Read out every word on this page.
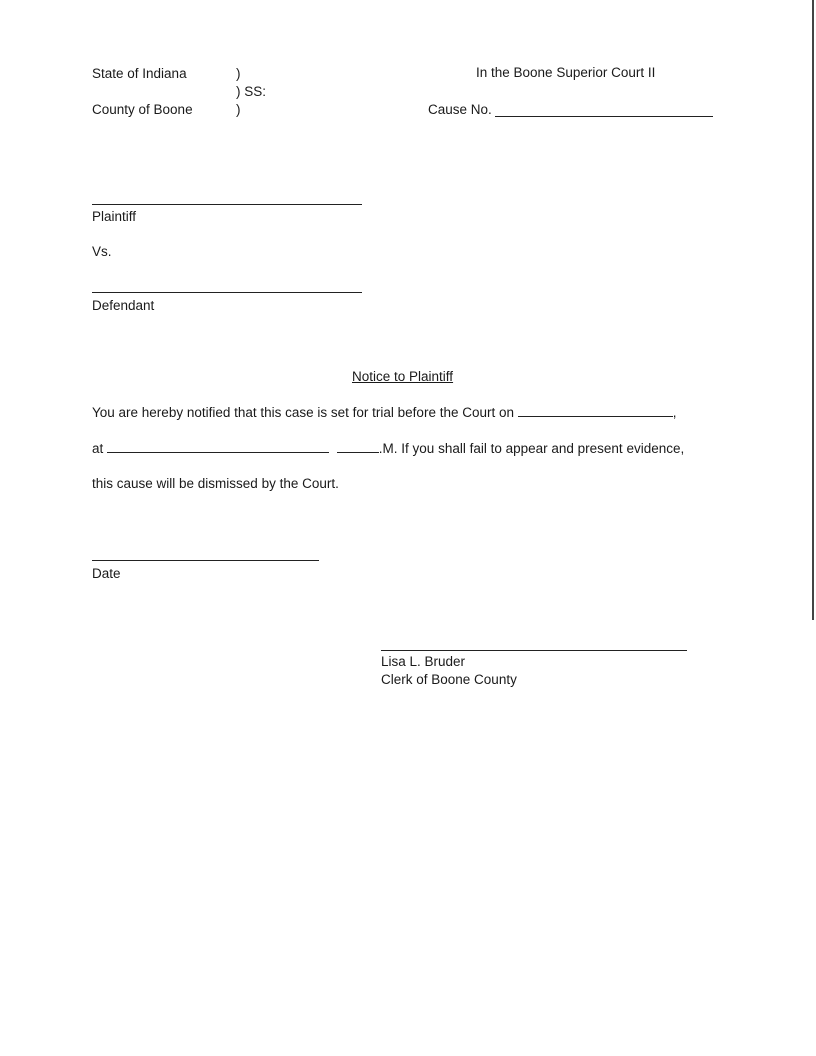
State of Indiana	)
) SS:
County of Boone	)
In the Boone Superior Court II
Cause No.
Plaintiff
Vs.
Defendant
Notice to Plaintiff
You are hereby notified that this case is set for trial before the Court on	,
at	.M. If you shall fail to appear and present evidence,
this cause will be dismissed by the Court.
Date
Lisa L. Bruder
Clerk of Boone County
